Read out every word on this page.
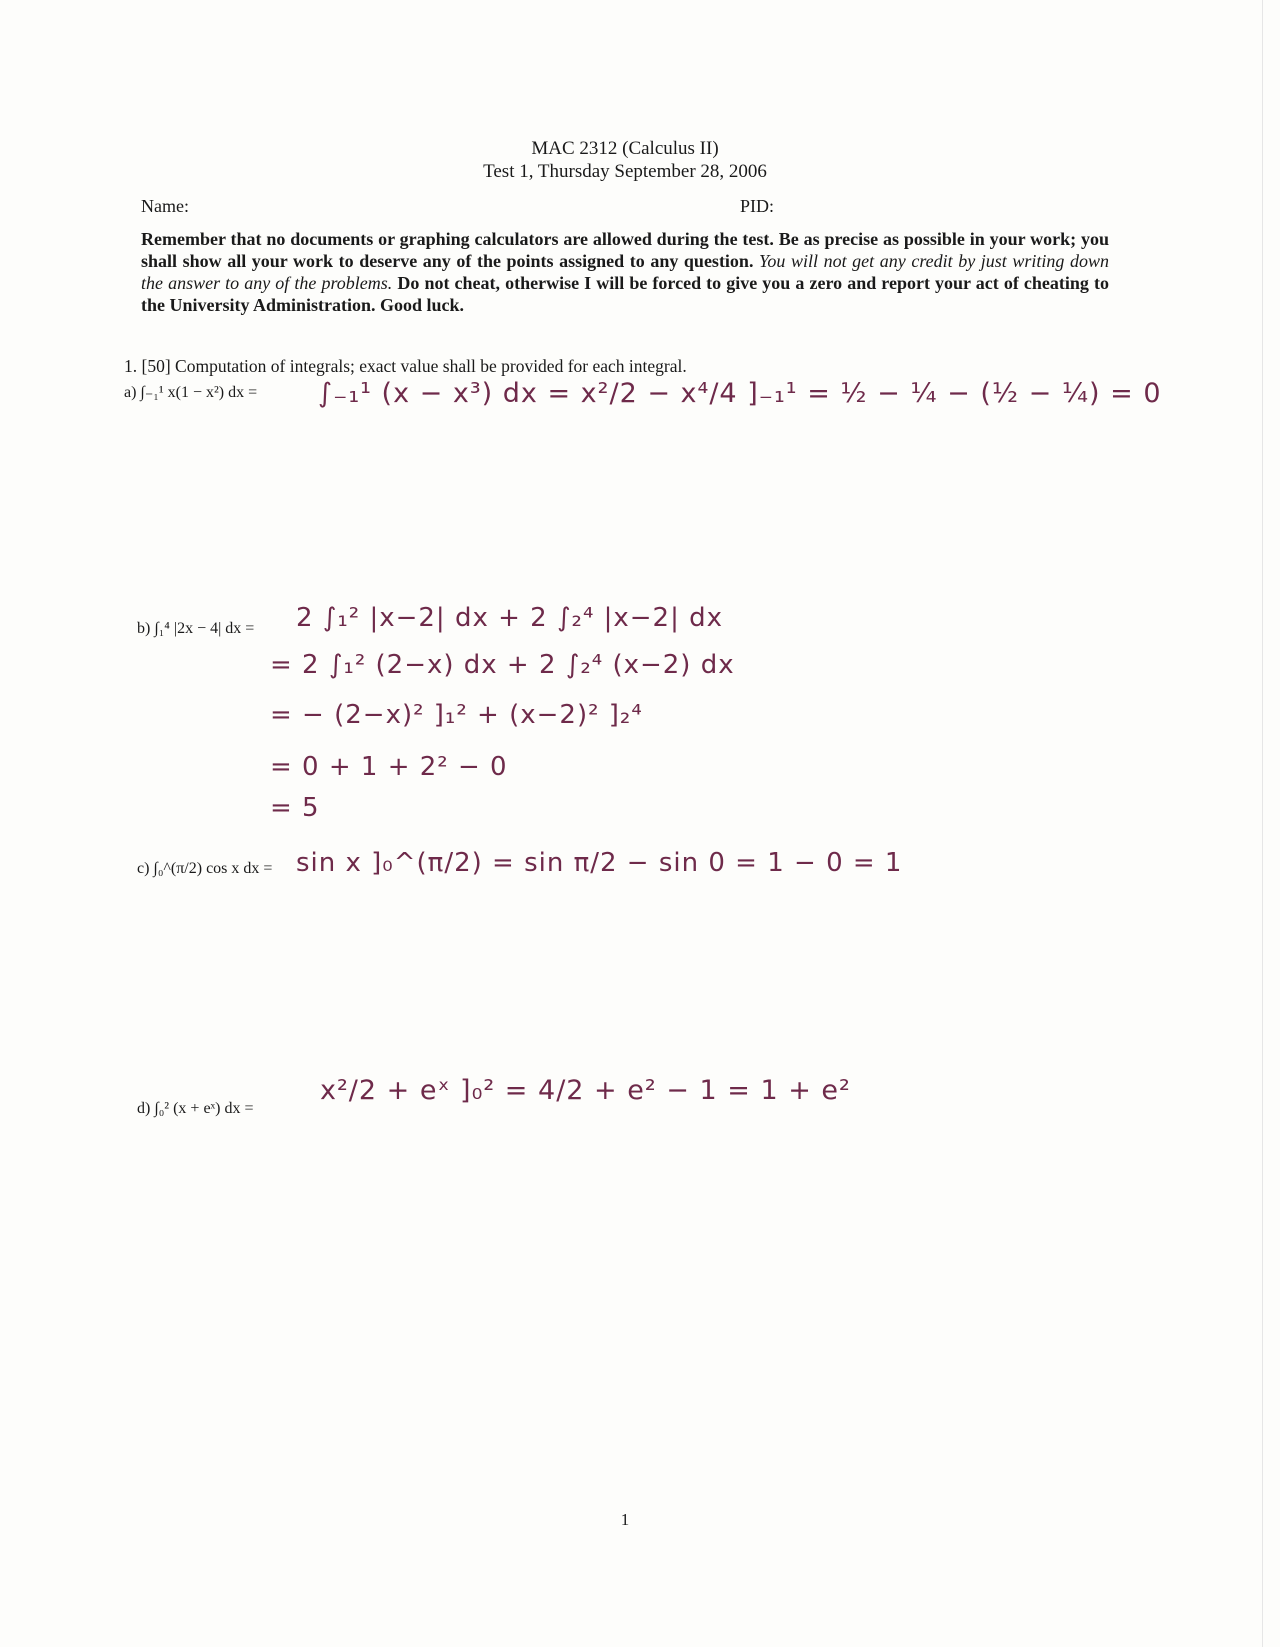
MAC 2312 (Calculus II)
Test 1, Thursday September 28, 2006
Name:	PID:
Remember that no documents or graphing calculators are allowed during the test. Be as precise as possible in your work; you shall show all your work to deserve any of the points assigned to any question. You will not get any credit by just writing down the answer to any of the problems. Do not cheat, otherwise I will be forced to give you a zero and report your act of cheating to the University Administration. Good luck.
1. [50] Computation of integrals; exact value shall be provided for each integral.
a) ∫₋₁¹ x(1 − x²) dx = ∫₋₁¹ (x − x³) dx = x²/2 − x⁴/4 ]₋₁¹ = ½ − ¼ − (½ − ¼) = 0
b) ∫₁⁴ |2x − 4| dx = 2 ∫₁² |x−2| dx + 2 ∫₂⁴ |x−2| dx
= 2 ∫₁² (2−x) dx + 2 ∫₂⁴ (x−2) dx
= − (2−x)² ]₁² + (x−2)² ]₂⁴
= 0 + 1 + 2² − 0
= 5
c) ∫₀^(π/2) cos x dx = sin x ]₀^(π/2) = sin π/2 − sin 0 = 1 − 0 = 1
d) ∫₀² (x + eˣ) dx =
x²/2 + eˣ ]₀² = 4/2 + e² − 1 = 1 + e²
1
